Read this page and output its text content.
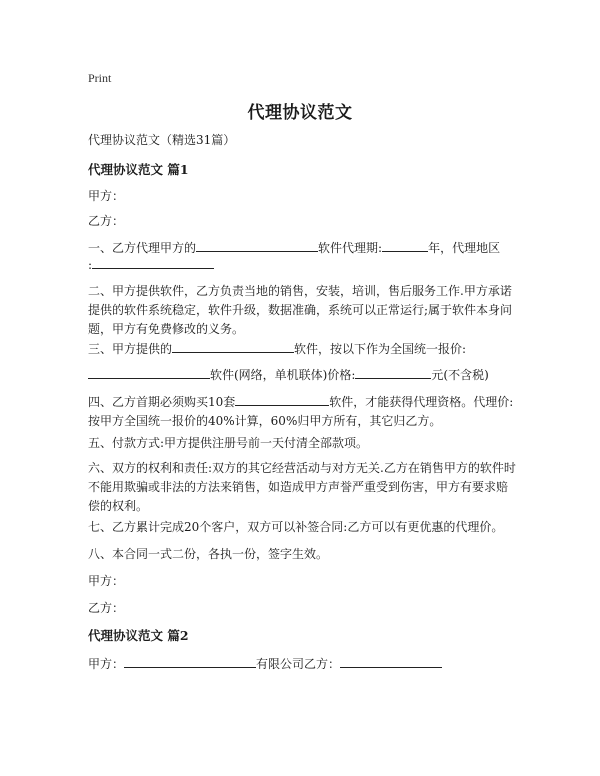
Print
代理协议范文
代理协议范文（精选31篇）
代理协议范文 篇1
甲方：
乙方：
一、乙方代理甲方的	软件代理期:	年，代理地区
:
二、甲方提供软件，乙方负责当地的销售，安装，培训，售后服务工作.甲方承诺提供的软件系统稳定，软件升级，数据准确，系统可以正常运行;属于软件本身问题，甲方有免费修改的义务。
三、甲方提供的	软件，按以下作为全国统一报价:
软件(网络，单机联体)价格:	元(不含税)
四、乙方首期必须购买10套	软件，才能获得代理资格。代理价:按甲方全国统一报价的40%计算，60%归甲方所有，其它归乙方。
五、付款方式:甲方提供注册号前一天付清全部款项。
六、双方的权利和责任:双方的其它经营活动与对方无关.乙方在销售甲方的软件时不能用欺骗或非法的方法来销售，如造成甲方声誉严重受到伤害，甲方有要求赔偿的权利。
七、乙方累计完成20个客户，双方可以补签合同:乙方可以有更优惠的代理价。
八、本合同一式二份，各执一份，签字生效。
甲方：
乙方：
代理协议范文 篇2
甲方：	有限公司乙方：
